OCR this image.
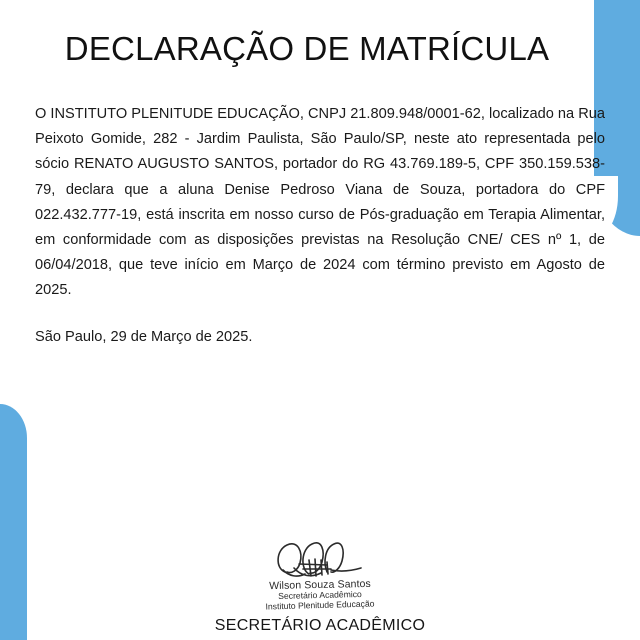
DECLARAÇÃO DE MATRÍCULA

O INSTITUTO PLENITUDE EDUCAÇÃO, CNPJ 21.809.948/0001-62, localizado na Rua Peixoto Gomide, 282 - Jardim Paulista, São Paulo/SP, neste ato representada pelo sócio RENATO AUGUSTO SANTOS, portador do RG 43.769.189-5, CPF 350.159.538-79, declara que a aluna Denise Pedroso Viana de Souza, portadora do CPF 022.432.777-19, está inscrita em nosso curso de Pós-graduação em Terapia Alimentar, em conformidade com as disposições previstas na Resolução CNE/ CES nº 1, de 06/04/2018, que teve início em Março de 2024 com término previsto em Agosto de 2025.

São Paulo, 29 de Março de 2025.
Wilson Souza Santos
Secretário Acadêmico
Instituto Plenitude Educação
SECRETÁRIO ACADÊMICO
